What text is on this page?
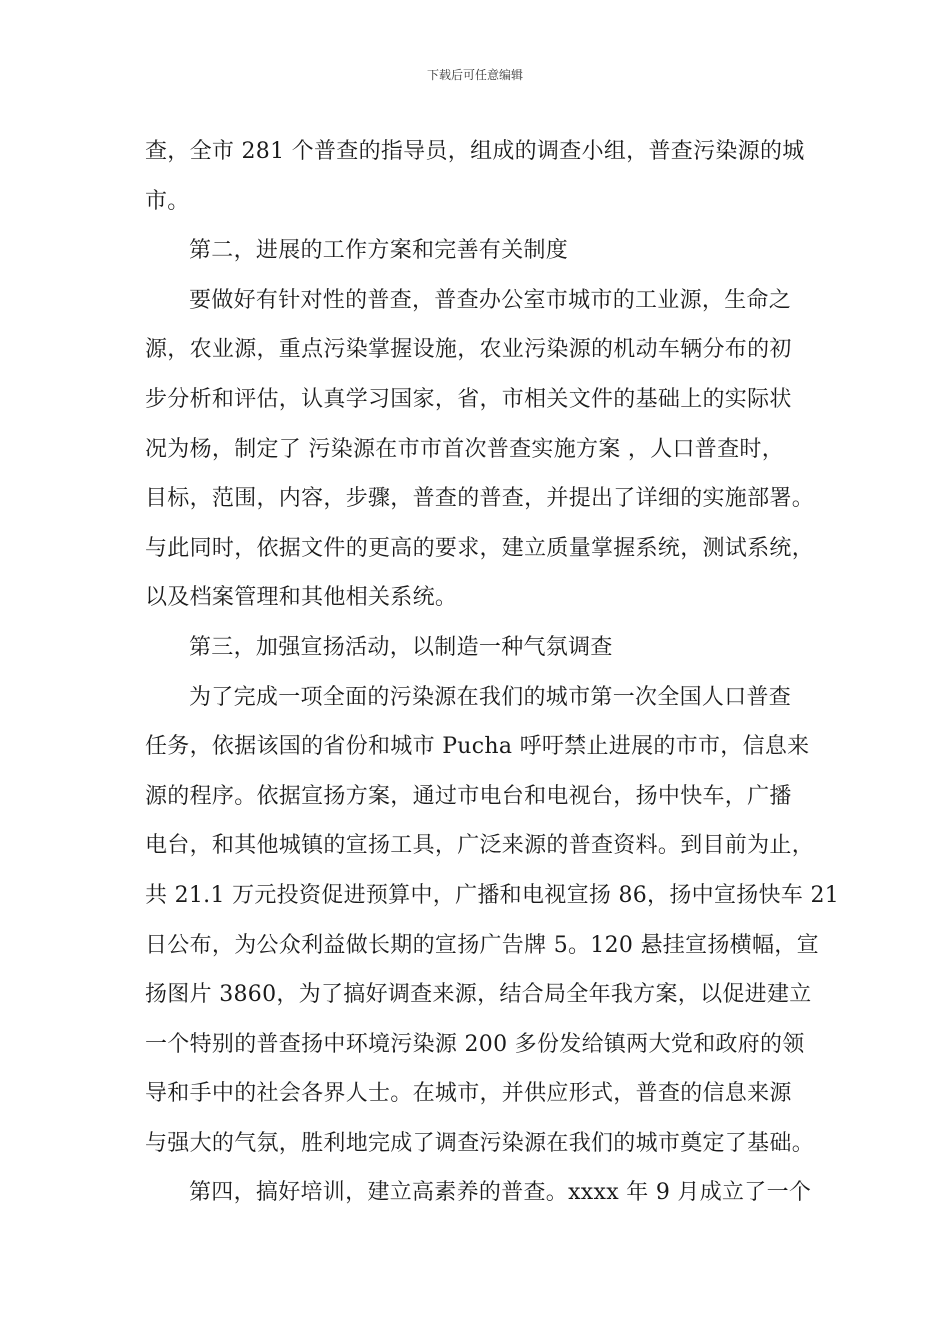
下载后可任意编辑
查，全市 281 个普查的指导员，组成的调查小组，普查污染源的城
市。
第二，进展的工作方案和完善有关制度
要做好有针对性的普查，普查办公室市城市的工业源，生命之
源，农业源，重点污染掌握设施，农业污染源的机动车辆分布的初
步分析和评估，认真学习国家，省，市相关文件的基础上的实际状
况为杨，制定了 污染源在市市首次普查实施方案 ，人口普查时，
目标，范围，内容，步骤，普查的普查，并提出了详细的实施部署。
与此同时，依据文件的更高的要求，建立质量掌握系统，测试系统，
以及档案管理和其他相关系统。
第三，加强宣扬活动，以制造一种气氛调查
为了完成一项全面的污染源在我们的城市第一次全国人口普查
任务，依据该国的省份和城市 Pucha 呼吁禁止进展的市市，信息来
源的程序。依据宣扬方案，通过市电台和电视台，扬中快车，广播
电台，和其他城镇的宣扬工具，广泛来源的普查资料。到目前为止，
共 21.1 万元投资促进预算中，广播和电视宣扬 86，扬中宣扬快车 21
日公布，为公众利益做长期的宣扬广告牌 5。120 悬挂宣扬横幅，宣
扬图片 3860，为了搞好调查来源，结合局全年我方案，以促进建立
一个特别的普查扬中环境污染源 200 多份发给镇两大党和政府的领
导和手中的社会各界人士。在城市，并供应形式，普查的信息来源
与强大的气氛，胜利地完成了调查污染源在我们的城市奠定了基础。
第四，搞好培训，建立高素养的普查。xxxx 年 9 月成立了一个
